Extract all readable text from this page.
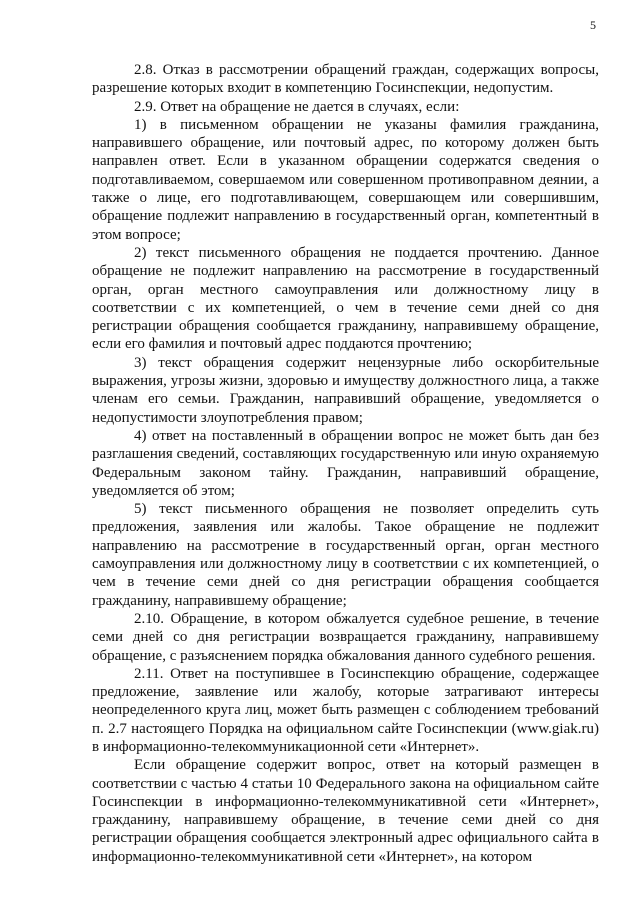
5

2.8. Отказ в рассмотрении обращений граждан, содержащих вопросы, разрешение которых входит в компетенцию Госинспекции, недопустим.

2.9. Ответ на обращение не дается в случаях, если:

1) в письменном обращении не указаны фамилия гражданина, направившего обращение, или почтовый адрес, по которому должен быть направлен ответ. Если в указанном обращении содержатся сведения о подготавливаемом, совершаемом или совершенном противоправном деянии, а также о лице, его подготавливающем, совершающем или совершившим, обращение подлежит направлению в государственный орган, компетентный в этом вопросе;

2) текст письменного обращения не поддается прочтению. Данное обращение не подлежит направлению на рассмотрение в государственный орган, орган местного самоуправления или должностному лицу в соответствии с их компетенцией, о чем в течение семи дней со дня регистрации обращения сообщается гражданину, направившему обращение, если его фамилия и почтовый адрес поддаются прочтению;

3) текст обращения содержит нецензурные либо оскорбительные выражения, угрозы жизни, здоровью и имуществу должностного лица, а также членам его семьи. Гражданин, направивший обращение, уведомляется о недопустимости злоупотребления правом;

4) ответ на поставленный в обращении вопрос не может быть дан без разглашения сведений, составляющих государственную или иную охраняемую Федеральным законом тайну. Гражданин, направивший обращение, уведомляется об этом;

5) текст письменного обращения не позволяет определить суть предложения, заявления или жалобы. Такое обращение не подлежит направлению на рассмотрение в государственный орган, орган местного самоуправления или должностному лицу в соответствии с их компетенцией, о чем в течение семи дней со дня регистрации обращения сообщается гражданину, направившему обращение;

2.10. Обращение, в котором обжалуется судебное решение, в течение семи дней со дня регистрации возвращается гражданину, направившему обращение, с разъяснением порядка обжалования данного судебного решения.

2.11. Ответ на поступившее в Госинспекцию обращение, содержащее предложение, заявление или жалобу, которые затрагивают интересы неопределенного круга лиц, может быть размещен с соблюдением требований п. 2.7 настоящего Порядка на официальном сайте Госинспекции (www.giak.ru) в информационно-телекоммуникационной сети «Интернет».

Если обращение содержит вопрос, ответ на который размещен в соответствии с частью 4 статьи 10 Федерального закона на официальном сайте Госинспекции в информационно-телекоммуникативной сети «Интернет», гражданину, направившему обращение, в течение семи дней со дня регистрации обращения сообщается электронный адрес официального сайта в информационно-телекоммуникативной сети «Интернет», на котором
